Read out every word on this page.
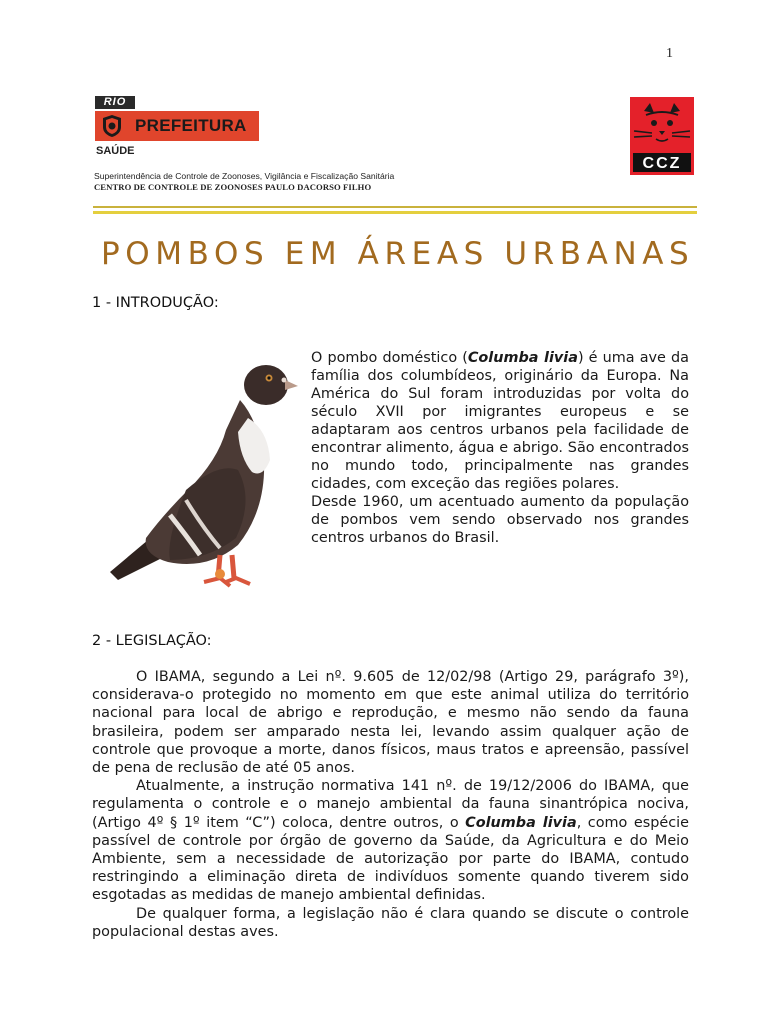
1
RIO
PREFEITURA
SAÚDE
Superintendência de Controle de Zoonoses, Vigilância e Fiscalização Sanitária
CENTRO DE CONTROLE DE ZOONOSES PAULO DACORSO FILHO
CCZ
POMBOS EM ÁREAS URBANAS
1 - INTRODUÇÃO:

O pombo doméstico (Columba livia) é uma ave da família dos columbídeos, originário da Europa. Na América do Sul foram introduzidas por volta do século XVII por imigrantes europeus e se adaptaram aos centros urbanos pela facilidade de encontrar alimento, água e abrigo. São encontrados no mundo todo, principalmente nas grandes cidades, com exceção das regiões polares.

Desde 1960, um acentuado aumento da população de pombos vem sendo observado nos grandes centros urbanos do Brasil.

2 - LEGISLAÇÃO:

O IBAMA, segundo a Lei nº. 9.605 de 12/02/98 (Artigo 29, parágrafo 3º), considerava-o protegido no momento em que este animal utiliza do território nacional para local de abrigo e reprodução, e mesmo não sendo da fauna brasileira, podem ser amparado nesta lei, levando assim qualquer ação de controle que provoque a morte, danos físicos, maus tratos e apreensão, passível de pena de reclusão de até 05 anos.

Atualmente, a instrução normativa 141 nº. de 19/12/2006 do IBAMA, que regulamenta o controle e o manejo ambiental da fauna sinantrópica nociva, (Artigo 4º § 1º item “C”) coloca, dentre outros, o Columba livia, como espécie passível de controle por órgão de governo da Saúde, da Agricultura e do Meio Ambiente, sem a necessidade de autorização por parte do IBAMA, contudo restringindo a eliminação direta de indivíduos somente quando tiverem sido esgotadas as medidas de manejo ambiental definidas.

De qualquer forma, a legislação não é clara quando se discute o controle populacional destas aves.
